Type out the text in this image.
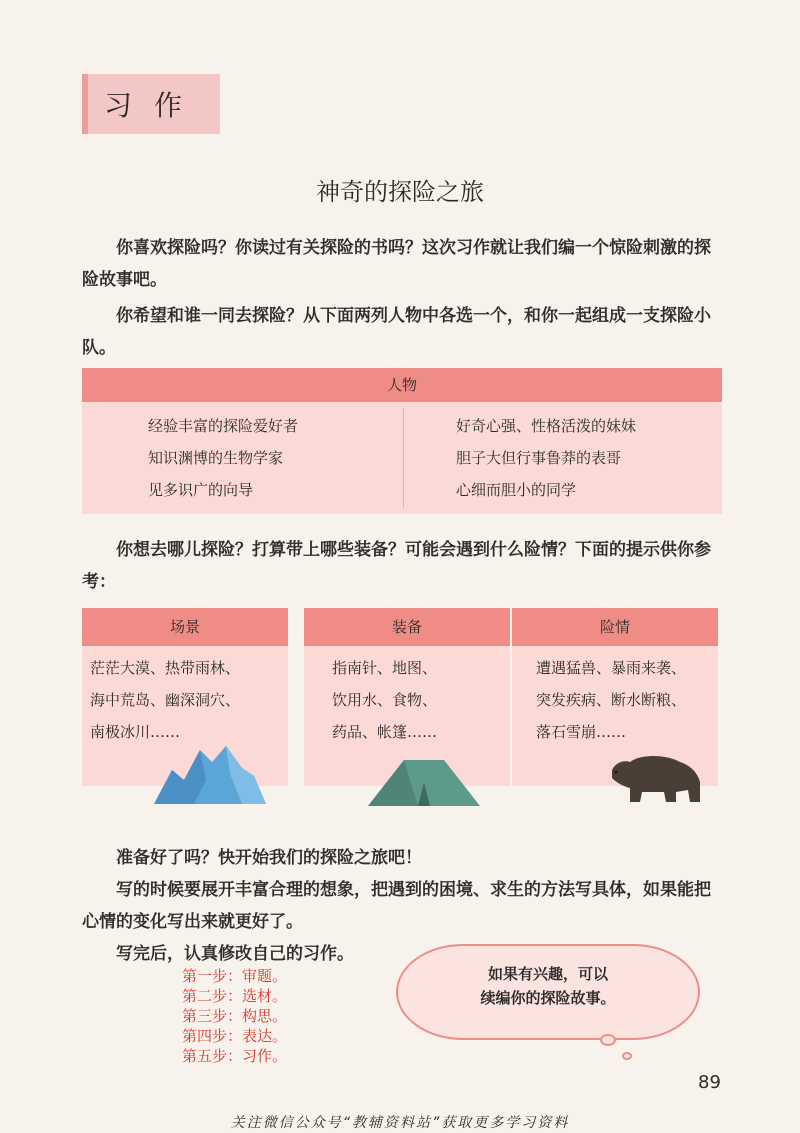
习作
神奇的探险之旅
你喜欢探险吗？你读过有关探险的书吗？这次习作就让我们编一个惊险刺激的探险故事吧。
你希望和谁一同去探险？从下面两列人物中各选一个，和你一起组成一支探险小队。
人物
经验丰富的探险爱好者
知识渊博的生物学家
见多识广的向导
好奇心强、性格活泼的妹妹
胆子大但行事鲁莽的表哥
心细而胆小的同学
你想去哪儿探险？打算带上哪些装备？可能会遇到什么险情？下面的提示供你参考：
场景
茫茫大漠、热带雨林、
海中荒岛、幽深洞穴、
南极冰川……
装备
指南针、地图、
饮用水、食物、
药品、帐篷……
险情
遭遇猛兽、暴雨来袭、
突发疾病、断水断粮、
落石雪崩……
准备好了吗？快开始我们的探险之旅吧！
写的时候要展开丰富合理的想象，把遇到的困境、求生的方法写具体，如果能把心情的变化写出来就更好了。
写完后，认真修改自己的习作。
第一步：审题。
第二步：选材。
第三步：构思。
第四步：表达。
第五步：习作。
如果有兴趣，可以
续编你的探险故事。
89
关注微信公众号“教辅资料站”获取更多学习资料
